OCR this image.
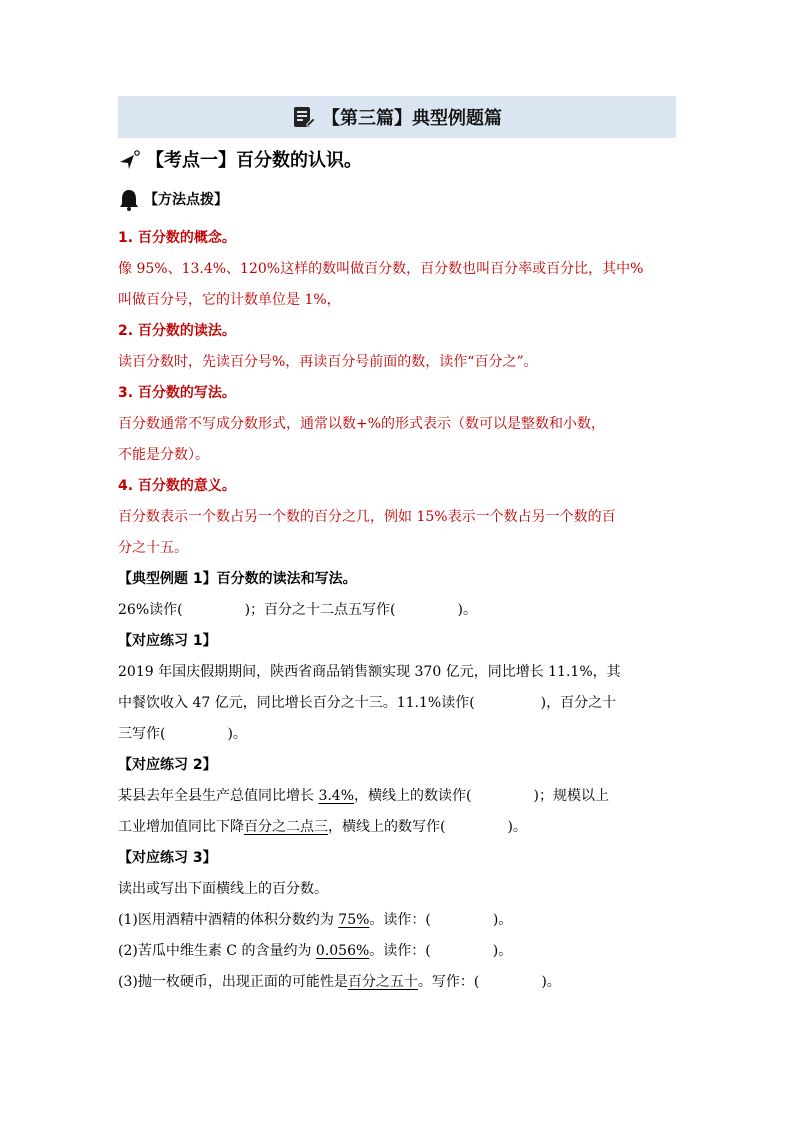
【第三篇】典型例题篇
【考点一】百分数的认识。
【方法点拨】
1. 百分数的概念。
像 95%、13.4%、120%这样的数叫做百分数，百分数也叫百分率或百分比，其中%
叫做百分号，它的计数单位是 1%，
2. 百分数的读法。
读百分数时，先读百分号%，再读百分号前面的数，读作“百分之”。
3. 百分数的写法。
百分数通常不写成分数形式，通常以数+%的形式表示（数可以是整数和小数，
不能是分数）。
4. 百分数的意义。
百分数表示一个数占另一个数的百分之几，例如 15%表示一个数占另一个数的百
分之十五。
【典型例题 1】百分数的读法和写法。
26%读作(	)；百分之十二点五写作(	)。
【对应练习 1】
2019 年国庆假期期间，陕西省商品销售额实现 370 亿元，同比增长 11.1%，其
中餐饮收入 47 亿元，同比增长百分之十三。11.1%读作(	)，百分之十
三写作(	)。
【对应练习 2】
某县去年全县生产总值同比增长 3.4%，横线上的数读作(	)；规模以上
工业增加值同比下降百分之二点三，横线上的数写作(	)。
【对应练习 3】
读出或写出下面横线上的百分数。
(1)医用酒精中酒精的体积分数约为 75%。读作：(	)。
(2)苦瓜中维生素 C 的含量约为 0.056%。读作：(	)。
(3)抛一枚硬币，出现正面的可能性是百分之五十。写作：(	)。
